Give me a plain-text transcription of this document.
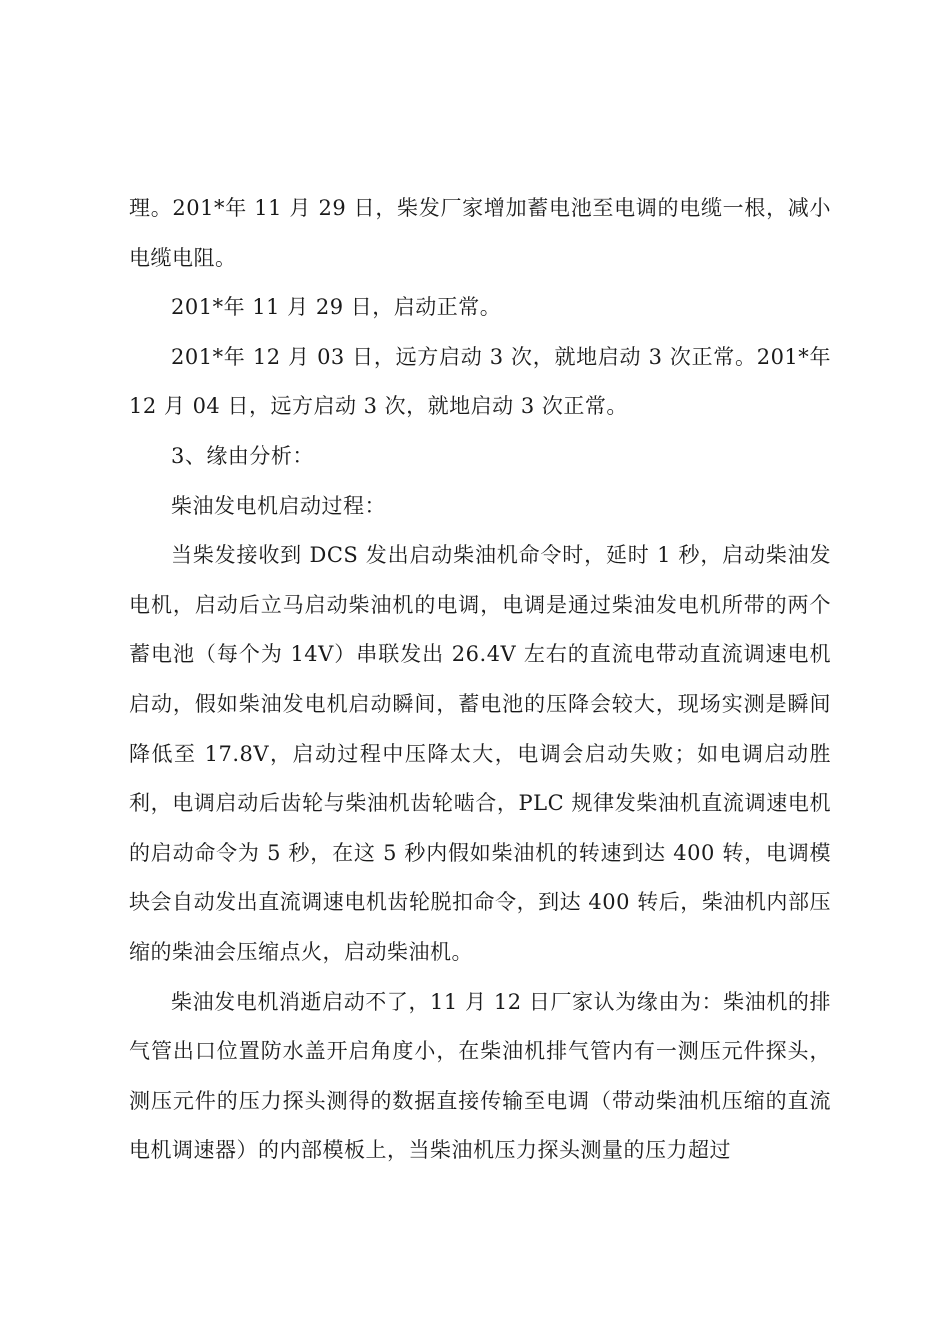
理。201*年 11 月 29 日，柴发厂家增加蓄电池至电调的电缆一根，减小电缆电阻。

201*年 11 月 29 日，启动正常。

201*年 12 月 03 日，远方启动 3 次，就地启动 3 次正常。201*年 12 月 04 日，远方启动 3 次，就地启动 3 次正常。

3、缘由分析：

柴油发电机启动过程：

当柴发接收到 DCS 发出启动柴油机命令时，延时 1 秒，启动柴油发电机，启动后立马启动柴油机的电调，电调是通过柴油发电机所带的两个蓄电池（每个为 14V）串联发出 26.4V 左右的直流电带动直流调速电机启动，假如柴油发电机启动瞬间，蓄电池的压降会较大，现场实测是瞬间降低至 17.8V，启动过程中压降太大，电调会启动失败；如电调启动胜利，电调启动后齿轮与柴油机齿轮啮合，PLC 规律发柴油机直流调速电机的启动命令为 5 秒，在这 5 秒内假如柴油机的转速到达 400 转，电调模块会自动发出直流调速电机齿轮脱扣命令，到达 400 转后，柴油机内部压缩的柴油会压缩点火，启动柴油机。

柴油发电机消逝启动不了，11 月 12 日厂家认为缘由为：柴油机的排气管出口位置防水盖开启角度小，在柴油机排气管内有一测压元件探头，测压元件的压力探头测得的数据直接传输至电调（带动柴油机压缩的直流电机调速器）的内部模板上，当柴油机压力探头测量的压力超过
